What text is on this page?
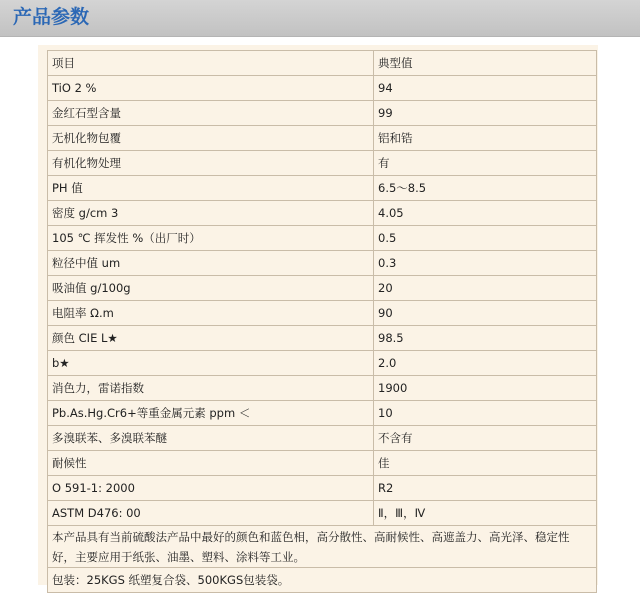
产品参数
项目	典型值
TiO 2 %	94
金红石型含量	99
无机化物包覆	铝和锆
有机化物处理	有
PH 值	6.5～8.5
密度 g/cm 3	4.05
105 ℃ 挥发性 %（出厂时）	0.5
粒径中值 um	0.3
吸油值 g/100g	20
电阻率 Ω.m	90
颜色 CIE L★	98.5
b★	2.0
消色力，雷诺指数	1900
Pb.As.Hg.Cr6+等重金属元素 ppm ＜	10
多溴联苯、多溴联苯醚	不含有
耐候性	佳
O 591-1: 2000	R2
ASTM D476: 00	Ⅱ，Ⅲ，Ⅳ
本产品具有当前硫酸法产品中最好的颜色和蓝色相，高分散性、高耐候性、高遮盖力、高光泽、稳定性好，主要应用于纸张、油墨、塑料、涂料等工业。	
包装：25KGS 纸塑复合袋、500KGS包装袋。	
